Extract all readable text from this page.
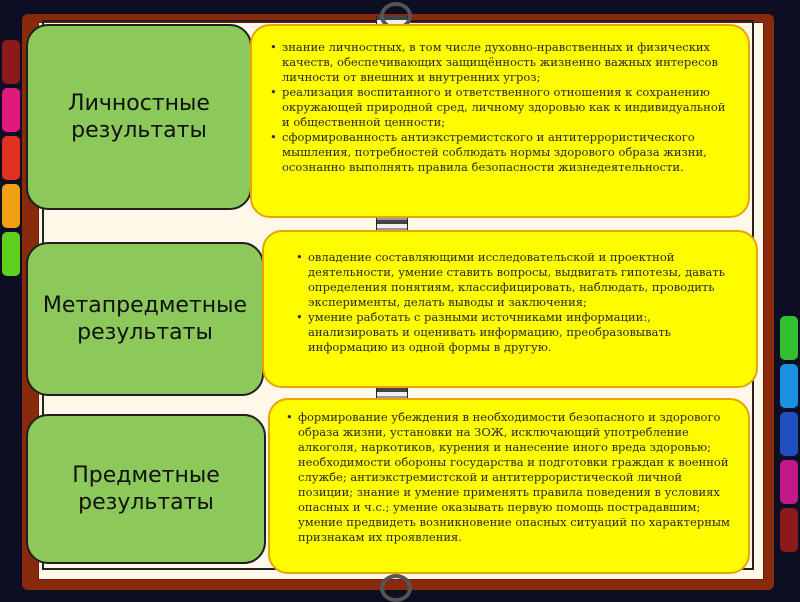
Личностные
результаты
• знание личностных, в том числе духовно-нравственных и физических качеств, обеспечивающих защищённость жизненно важных интересов личности от внешних и внутренних угроз;
• реализация воспитанного и ответственного отношения к сохранению окружающей природной сред, личному здоровью как к индивидуальной и общественной ценности;
• сформированность антиэкстремистского и антитеррористического мышления, потребностей соблюдать нормы здорового образа жизни, осознанно выполнять правила безопасности жизнедеятельности.
Метапредметные
результаты
• овладение составляющими исследовательской и проектной деятельности, умение ставить вопросы, выдвигать гипотезы, давать определения понятиям, классифицировать, наблюдать, проводить эксперименты, делать выводы и заключения;
• умение работать с разными источниками информации:, анализировать и оценивать информацию, преобразовывать информацию из одной формы в другую.
Предметные
результаты
• формирование убеждения в необходимости безопасного и здорового образа жизни, установки на ЗОЖ, исключающий употребление алкоголя, наркотиков, курения и нанесение иного вреда здоровью; необходимости обороны государства и подготовки граждан к военной службе; антиэкстремистской и антитеррористической личной позиции; знание и умение применять правила поведения в условиях опасных и ч.с.; умение оказывать первую помощь пострадавшим; умение предвидеть возникновение опасных ситуаций по характерным признакам их проявления.
